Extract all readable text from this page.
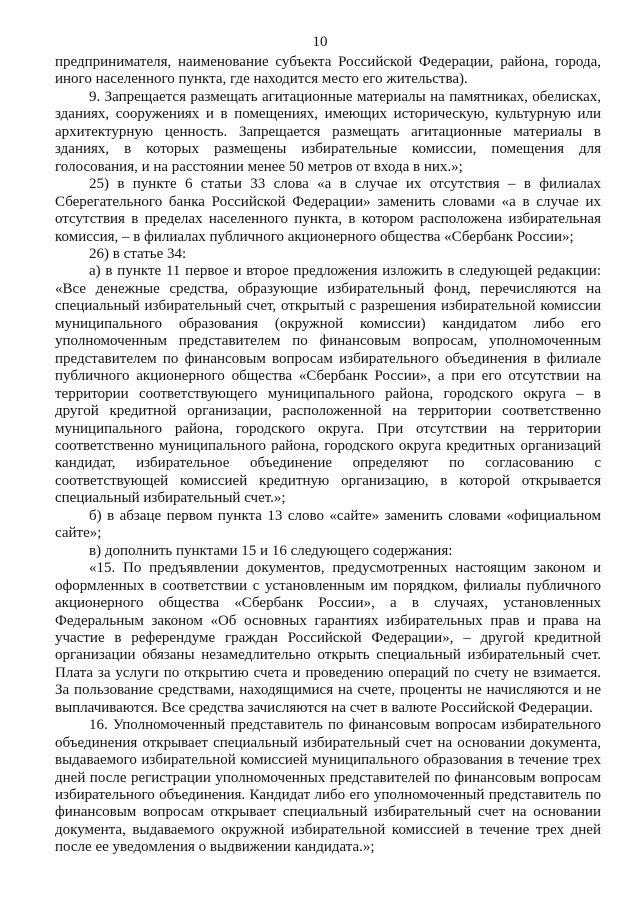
10

предпринимателя, наименование субъекта Российской Федерации, района, города, иного населенного пункта, где находится место его жительства).

9. Запрещается размещать агитационные материалы на памятниках, обелисках, зданиях, сооружениях и в помещениях, имеющих историческую, культурную или архитектурную ценность. Запрещается размещать агитационные материалы в зданиях, в которых размещены избирательные комиссии, помещения для голосования, и на расстоянии менее 50 метров от входа в них.»;

25) в пункте 6 статьи 33 слова «а в случае их отсутствия – в филиалах Сберегательного банка Российской Федерации» заменить словами «а в случае их отсутствия в пределах населенного пункта, в котором расположена избирательная комиссия, – в филиалах публичного акционерного общества «Сбербанк России»;

26) в статье 34:

а) в пункте 11 первое и второе предложения изложить в следующей редакции: «Все денежные средства, образующие избирательный фонд, перечисляются на специальный избирательный счет, открытый с разрешения избирательной комиссии муниципального образования (окружной комиссии) кандидатом либо его уполномоченным представителем по финансовым вопросам, уполномоченным представителем по финансовым вопросам избирательного объединения в филиале публичного акционерного общества «Сбербанк России», а при его отсутствии на территории соответствующего муниципального района, городского округа – в другой кредитной организации, расположенной на территории соответственно муниципального района, городского округа. При отсутствии на территории соответственно муниципального района, городского округа кредитных организаций кандидат, избирательное объединение определяют по согласованию с соответствующей комиссией кредитную организацию, в которой открывается специальный избирательный счет.»;

б) в абзаце первом пункта 13 слово «сайте» заменить словами «официальном сайте»;

в) дополнить пунктами 15 и 16 следующего содержания:

«15. По предъявлении документов, предусмотренных настоящим законом и оформленных в соответствии с установленным им порядком, филиалы публичного акционерного общества «Сбербанк России», а в случаях, установленных Федеральным законом «Об основных гарантиях избирательных прав и права на участие в референдуме граждан Российской Федерации», – другой кредитной организации обязаны незамедлительно открыть специальный избирательный счет. Плата за услуги по открытию счета и проведению операций по счету не взимается. За пользование средствами, находящимися на счете, проценты не начисляются и не выплачиваются. Все средства зачисляются на счет в валюте Российской Федерации.

16. Уполномоченный представитель по финансовым вопросам избирательного объединения открывает специальный избирательный счет на основании документа, выдаваемого избирательной комиссией муниципального образования в течение трех дней после регистрации уполномоченных представителей по финансовым вопросам избирательного объединения. Кандидат либо его уполномоченный представитель по финансовым вопросам открывает специальный избирательный счет на основании документа, выдаваемого окружной избирательной комиссией в течение трех дней после ее уведомления о выдвижении кандидата.»;
